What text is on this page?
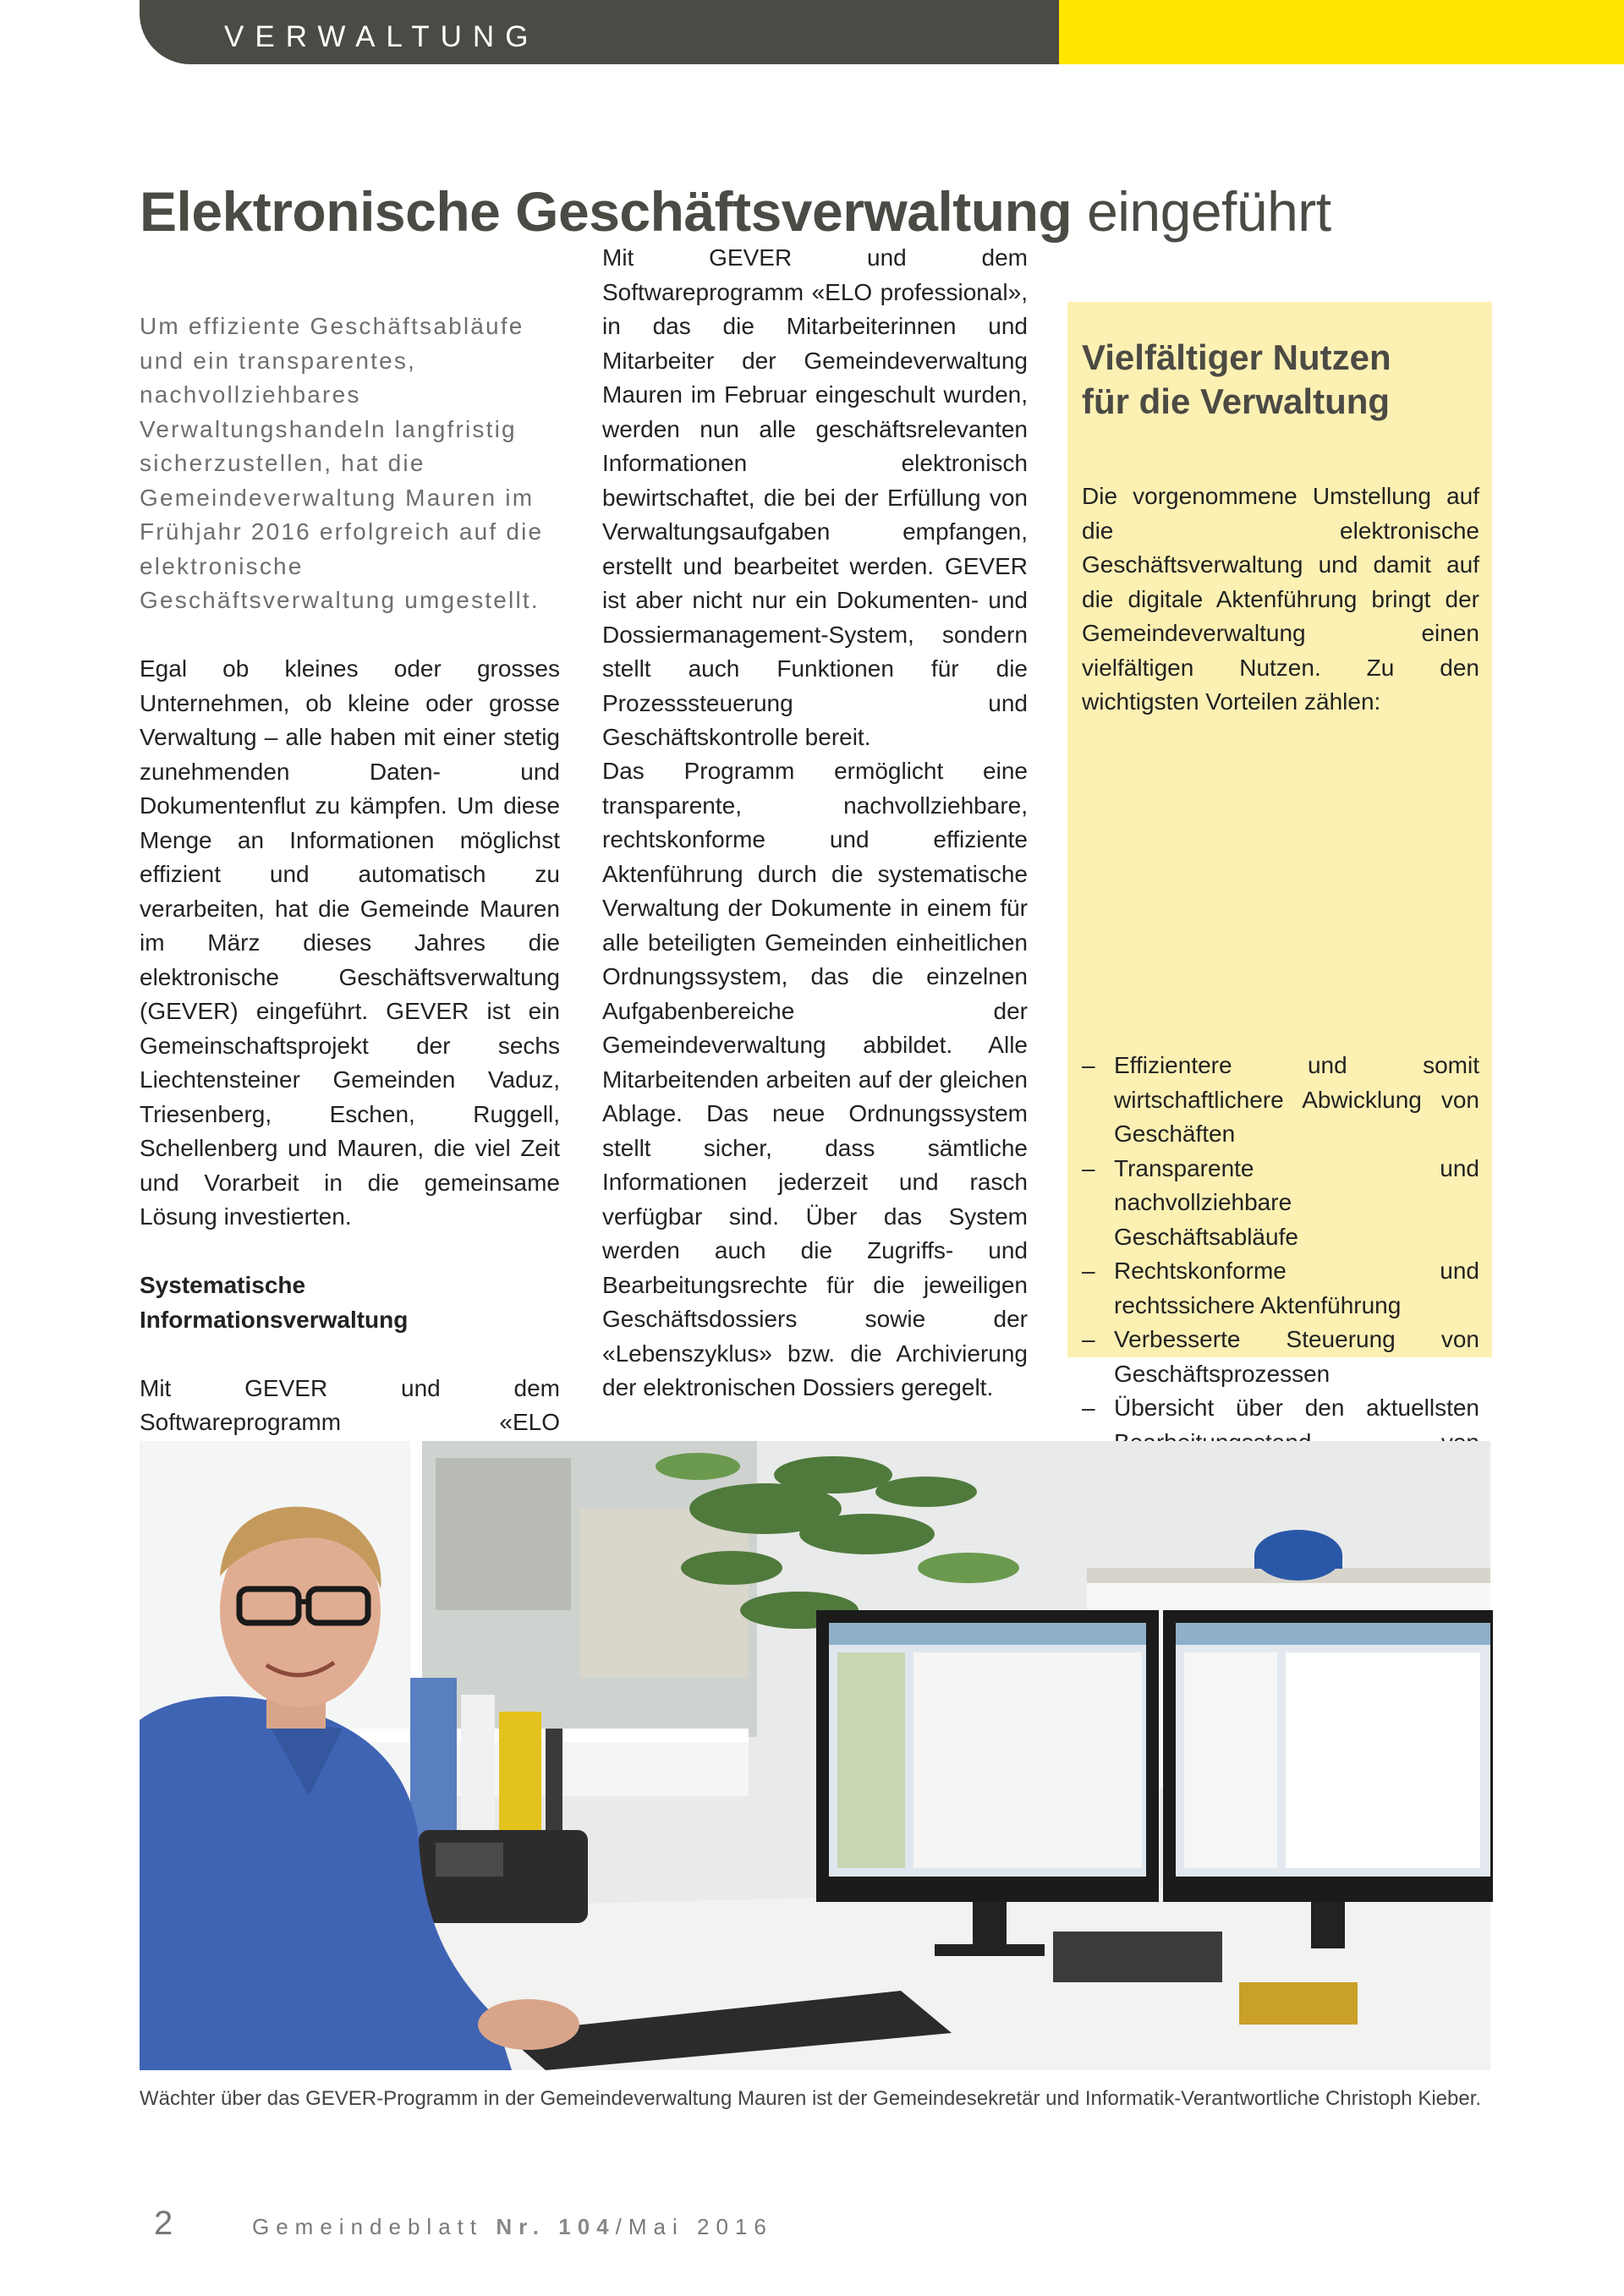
VERWALTUNG
Elektronische Geschäftsverwaltung eingeführt

Um effiziente Geschäftsabläufe und ein transparentes, nachvollziehbares Verwaltungshandeln langfristig sicherzustellen, hat die Gemeindeverwaltung Mauren im Frühjahr 2016 erfolgreich auf die elektronische Geschäftsverwaltung umgestellt.

Egal ob kleines oder grosses Unternehmen, ob kleine oder grosse Verwaltung – alle haben mit einer stetig zunehmenden Daten- und Dokumentenflut zu kämpfen. Um diese Menge an Informationen möglichst effizient und automatisch zu verarbeiten, hat die Gemeinde Mauren im März dieses Jahres die elektronische Geschäftsverwaltung (GEVER) eingeführt. GEVER ist ein Gemeinschaftsprojekt der sechs Liechtensteiner Gemeinden Vaduz, Triesenberg, Eschen, Ruggell, Schellenberg und Mauren, die viel Zeit und Vorarbeit in die gemeinsame Lösung investierten.

Systematische Informationsverwaltung

Mit GEVER und dem Softwareprogramm «ELO

Mit GEVER und dem Softwareprogramm «ELO professional», in das die Mitarbeiterinnen und Mitarbeiter der Gemeindeverwaltung Mauren im Februar eingeschult wurden, werden nun alle geschäftsrelevanten Informationen elektronisch bewirtschaftet, die bei der Erfüllung von Verwaltungsaufgaben empfangen, erstellt und bearbeitet werden. GEVER ist aber nicht nur ein Dokumenten- und Dossiermanagement-System, sondern stellt auch Funktionen für die Prozesssteuerung und Geschäftskontrolle bereit.

Das Programm ermöglicht eine transparente, nachvollziehbare, rechtskonforme und effiziente Aktenführung durch die systematische Verwaltung der Dokumente in einem für alle beteiligten Gemeinden einheitlichen Ordnungssystem, das die einzelnen Aufgabenbereiche der Gemeindeverwaltung abbildet. Alle Mitarbeitenden arbeiten auf der gleichen Ablage. Das neue Ordnungssystem stellt sicher, dass sämtliche Informationen jederzeit und rasch verfügbar sind. Über das System werden auch die Zugriffs- und Bearbeitungsrechte für die jeweiligen Geschäftsdossiers sowie der «Lebenszyklus» bzw. die Archivierung der elektronischen Dossiers geregelt.

Vielfältiger Nutzen
für die Verwaltung
Die vorgenommene Umstellung auf die elektronische Geschäftsverwaltung und damit auf die digitale Aktenführung bringt der Gemeindeverwaltung einen vielfältigen Nutzen. Zu den wichtigsten Vorteilen zählen:
– Effizientere und somit wirtschaftlichere Abwicklung von Geschäften
– Transparente und nachvollziehbare Geschäftsabläufe
– Rechtskonforme und rechtssichere Aktenführung
– Verbesserte Steuerung von Geschäftsprozessen
– Übersicht über den aktuellsten
–
–
Wächter über das GEVER-Programm in der Gemeindeverwaltung Mauren ist der Gemeindesekretär und Informatik-Verantwortliche Christoph Kieber.
2	Gemeindeblatt Nr. 104/Mai 2016
